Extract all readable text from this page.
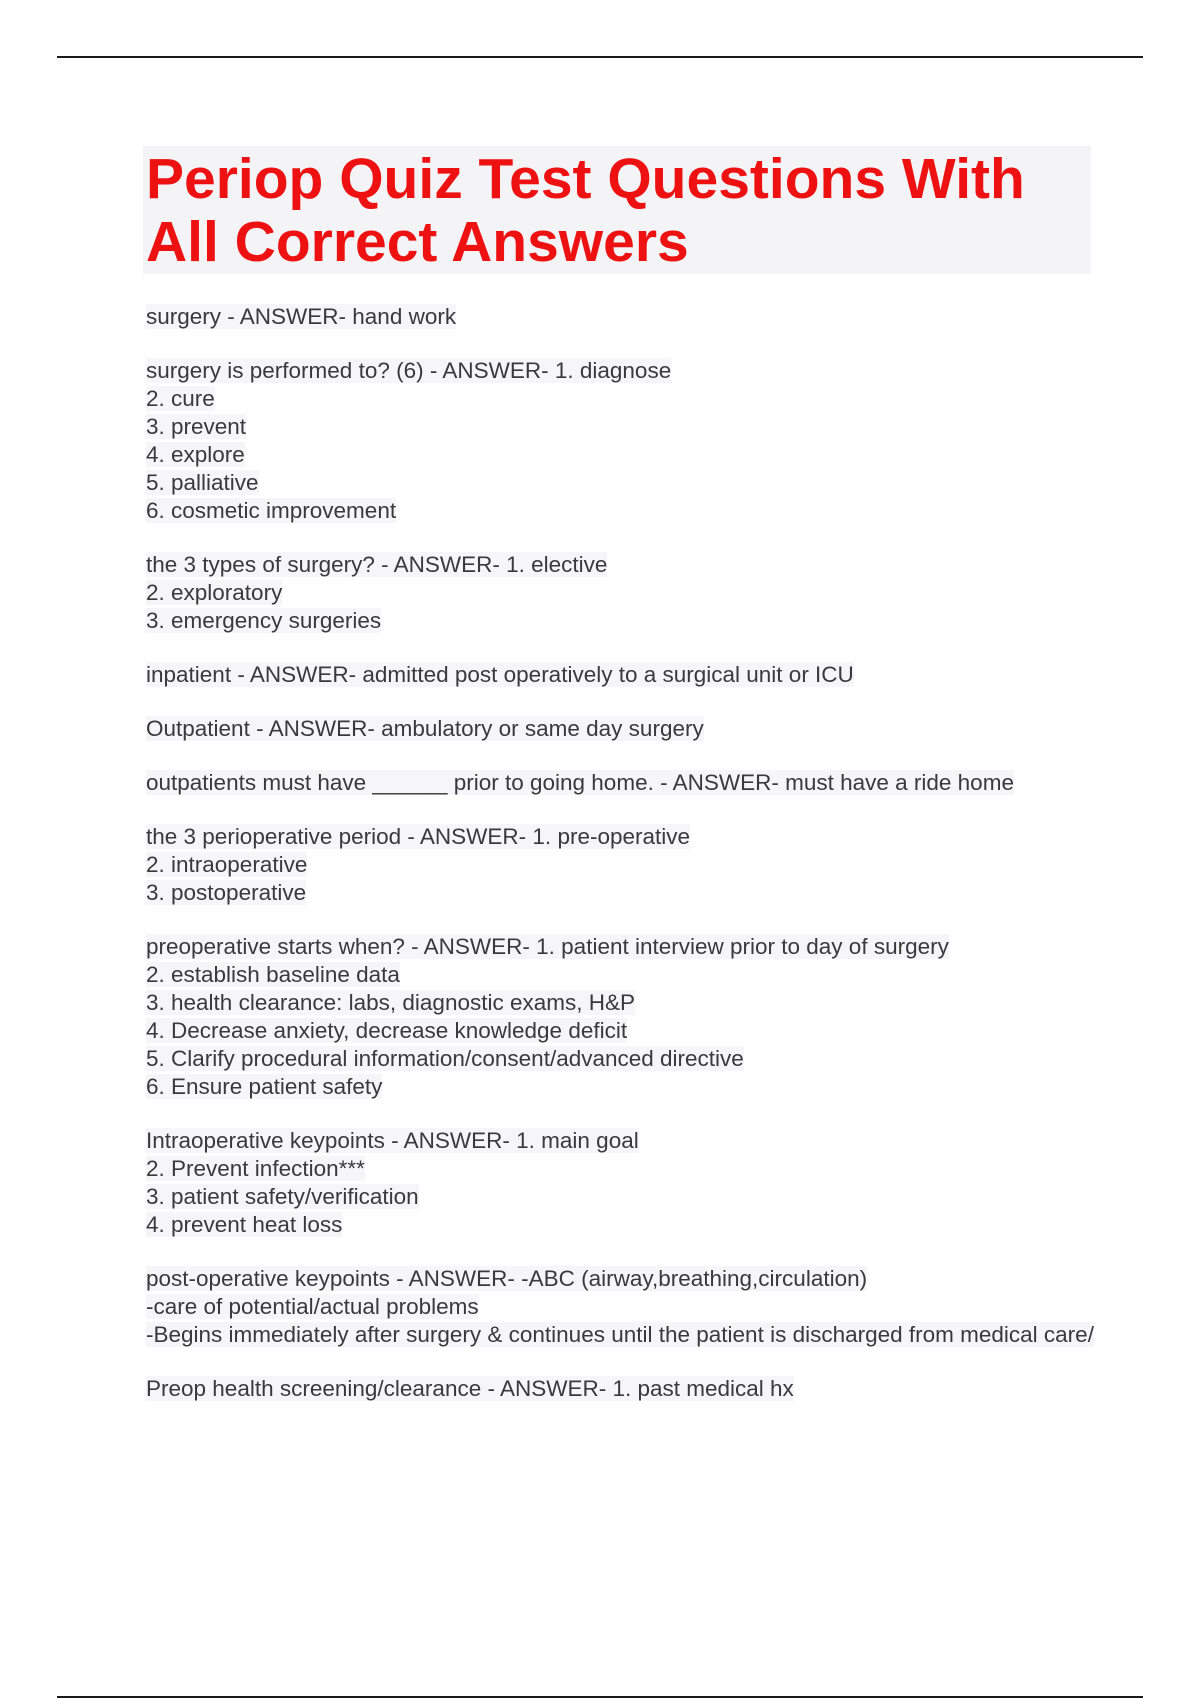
Periop Quiz Test Questions With All Correct Answers
surgery - ANSWER- hand work
surgery is performed to? (6) - ANSWER- 1. diagnose
2. cure
3. prevent
4. explore
5. palliative
6. cosmetic improvement
the 3 types of surgery? - ANSWER- 1. elective
2. exploratory
3. emergency surgeries
inpatient - ANSWER- admitted post operatively to a surgical unit or ICU
Outpatient - ANSWER- ambulatory or same day surgery
outpatients must have ______ prior to going home. - ANSWER- must have a ride home
the 3 perioperative period - ANSWER- 1. pre-operative
2. intraoperative
3. postoperative
preoperative starts when? - ANSWER- 1. patient interview prior to day of surgery
2. establish baseline data
3. health clearance: labs, diagnostic exams, H&P
4. Decrease anxiety, decrease knowledge deficit
5. Clarify procedural information/consent/advanced directive
6. Ensure patient safety
Intraoperative keypoints - ANSWER- 1. main goal
2. Prevent infection***
3. patient safety/verification
4. prevent heat loss
post-operative keypoints - ANSWER- -ABC (airway,breathing,circulation)
-care of potential/actual problems
-Begins immediately after surgery & continues until the patient is discharged from medical care/
Preop health screening/clearance - ANSWER- 1. past medical hx
